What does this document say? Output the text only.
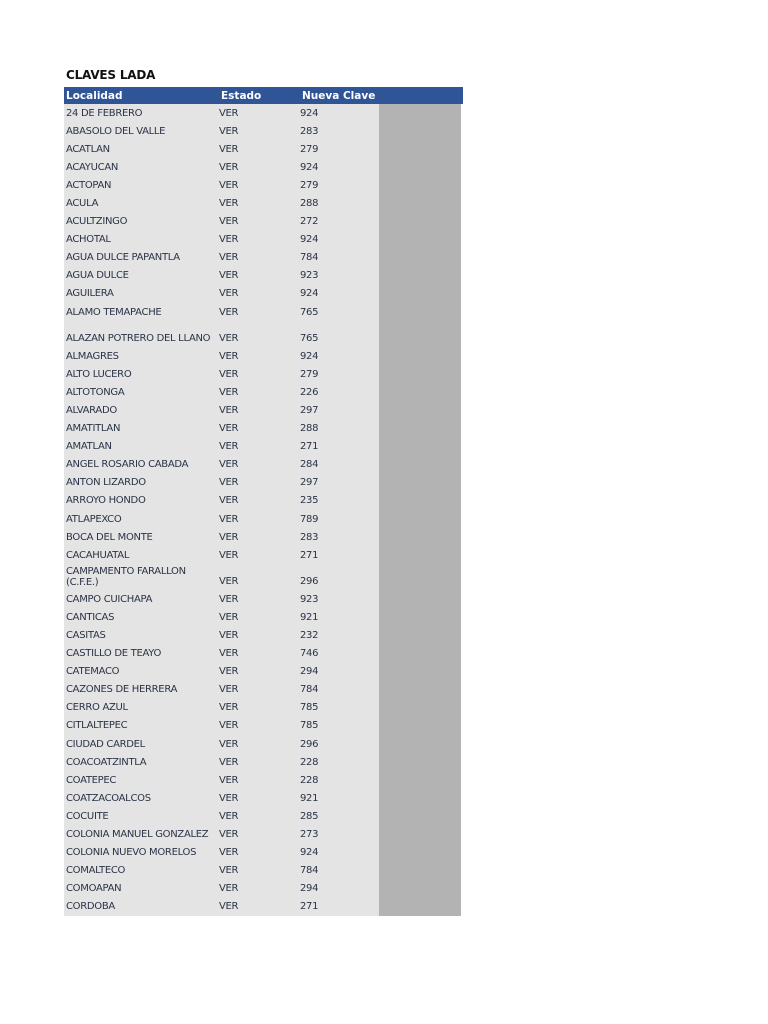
CLAVES LADA
Localidad	Estado	Nueva Clave
24 DE FEBRERO	VER	924
ABASOLO DEL VALLE	VER	283
ACATLAN	VER	279
ACAYUCAN	VER	924
ACTOPAN	VER	279
ACULA	VER	288
ACULTZINGO	VER	272
ACHOTAL	VER	924
AGUA DULCE PAPANTLA	VER	784
AGUA DULCE	VER	923
AGUILERA	VER	924
ALAMO TEMAPACHE	VER	765
ALAZAN POTRERO DEL LLANO VER	765
ALMAGRES	VER	924
ALTO LUCERO	VER	279
ALTOTONGA	VER	226
ALVARADO	VER	297
AMATITLAN	VER	288
AMATLAN	VER	271
ANGEL ROSARIO CABADA	VER	284
ANTON LIZARDO	VER	297
ARROYO HONDO	VER	235
ATLAPEXCO	VER	789
BOCA DEL MONTE	VER	283
CACAHUATAL	VER	271
CAMPAMENTO FARALLON (C.F.E.)	VER	296
CAMPO CUICHAPA	VER	923
CANTICAS	VER	921
CASITAS	VER	232
CASTILLO DE TEAYO	VER	746
CATEMACO	VER	294
CAZONES DE HERRERA	VER	784
CERRO AZUL	VER	785
CITLALTEPEC	VER	785
CIUDAD CARDEL	VER	296
COACOATZINTLA	VER	228
COATEPEC	VER	228
COATZACOALCOS	VER	921
COCUITE	VER	285
COLONIA MANUEL GONZALEZ	VER	273
COLONIA NUEVO MORELOS	VER	924
COMALTECO	VER	784
COMOAPAN	VER	294
CORDOBA	VER	271
